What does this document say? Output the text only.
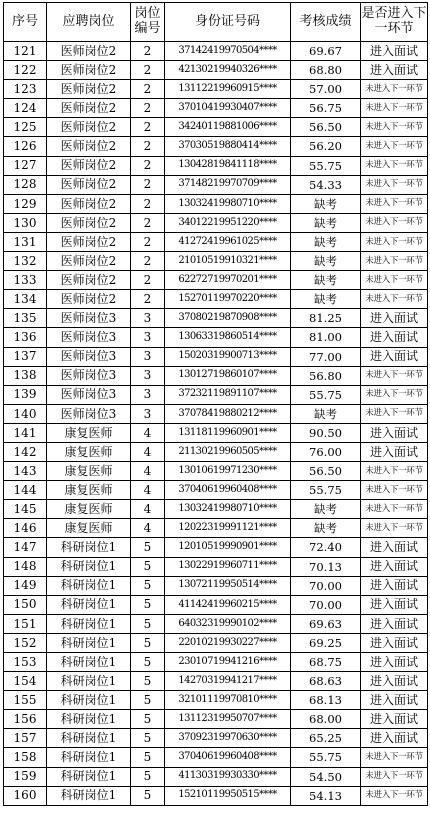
序号	应聘岗位	岗位编号	身份证号码	考核成绩	是否进入下一环节
121	医师岗位2	2	37142419970504****	69.67	进入面试
122	医师岗位2	2	42130219940326****	68.80	进入面试
123	医师岗位2	2	13112219960915****	57.00	未进入下一环节
124	医师岗位2	2	37010419930407****	56.75	未进入下一环节
125	医师岗位2	2	34240119881006****	56.50	未进入下一环节
126	医师岗位2	2	37030519880414****	56.20	未进入下一环节
127	医师岗位2	2	13042819841118****	55.75	未进入下一环节
128	医师岗位2	2	37148219970709****	54.33	未进入下一环节
129	医师岗位2	2	13032419980710****	缺考	未进入下一环节
130	医师岗位2	2	34012219951220****	缺考	未进入下一环节
131	医师岗位2	2	41272419961025****	缺考	未进入下一环节
132	医师岗位2	2	21010519910321****	缺考	未进入下一环节
133	医师岗位2	2	62272719970201****	缺考	未进入下一环节
134	医师岗位2	2	15270119970220****	缺考	未进入下一环节
135	医师岗位3	3	37080219870908****	81.25	进入面试
136	医师岗位3	3	13063319860514****	81.00	进入面试
137	医师岗位3	3	15020319900713****	77.00	进入面试
138	医师岗位3	3	13012719860107****	56.80	未进入下一环节
139	医师岗位3	3	37232119891107****	55.75	未进入下一环节
140	医师岗位3	3	37078419880212****	缺考	未进入下一环节
141	康复医师	4	13118119960901****	90.50	进入面试
142	康复医师	4	21130219960505****	76.00	进入面试
143	康复医师	4	13010619971230****	56.50	未进入下一环节
144	康复医师	4	37040619960408****	55.75	未进入下一环节
145	康复医师	4	13032419980710****	缺考	未进入下一环节
146	康复医师	4	12022319991121****	缺考	未进入下一环节
147	科研岗位1	5	12010519990901****	72.40	进入面试
148	科研岗位1	5	13022919960711****	70.13	进入面试
149	科研岗位1	5	13072119950514****	70.00	进入面试
150	科研岗位1	5	41142419960215****	70.00	进入面试
151	科研岗位1	5	64032319990102****	69.63	进入面试
152	科研岗位1	5	22010219930227****	69.25	进入面试
153	科研岗位1	5	23010719941216****	68.75	进入面试
154	科研岗位1	5	14270319941217****	68.63	进入面试
155	科研岗位1	5	32101119970810****	68.13	进入面试
156	科研岗位1	5	13112319950707****	68.00	进入面试
157	科研岗位1	5	37092319970630****	65.25	进入面试
158	科研岗位1	5	37040619960408****	55.75	未进入下一环节
159	科研岗位1	5	41130319930330****	54.50	未进入下一环节
160	科研岗位1	5	15210119950515****	54.13	未进入下一环节
